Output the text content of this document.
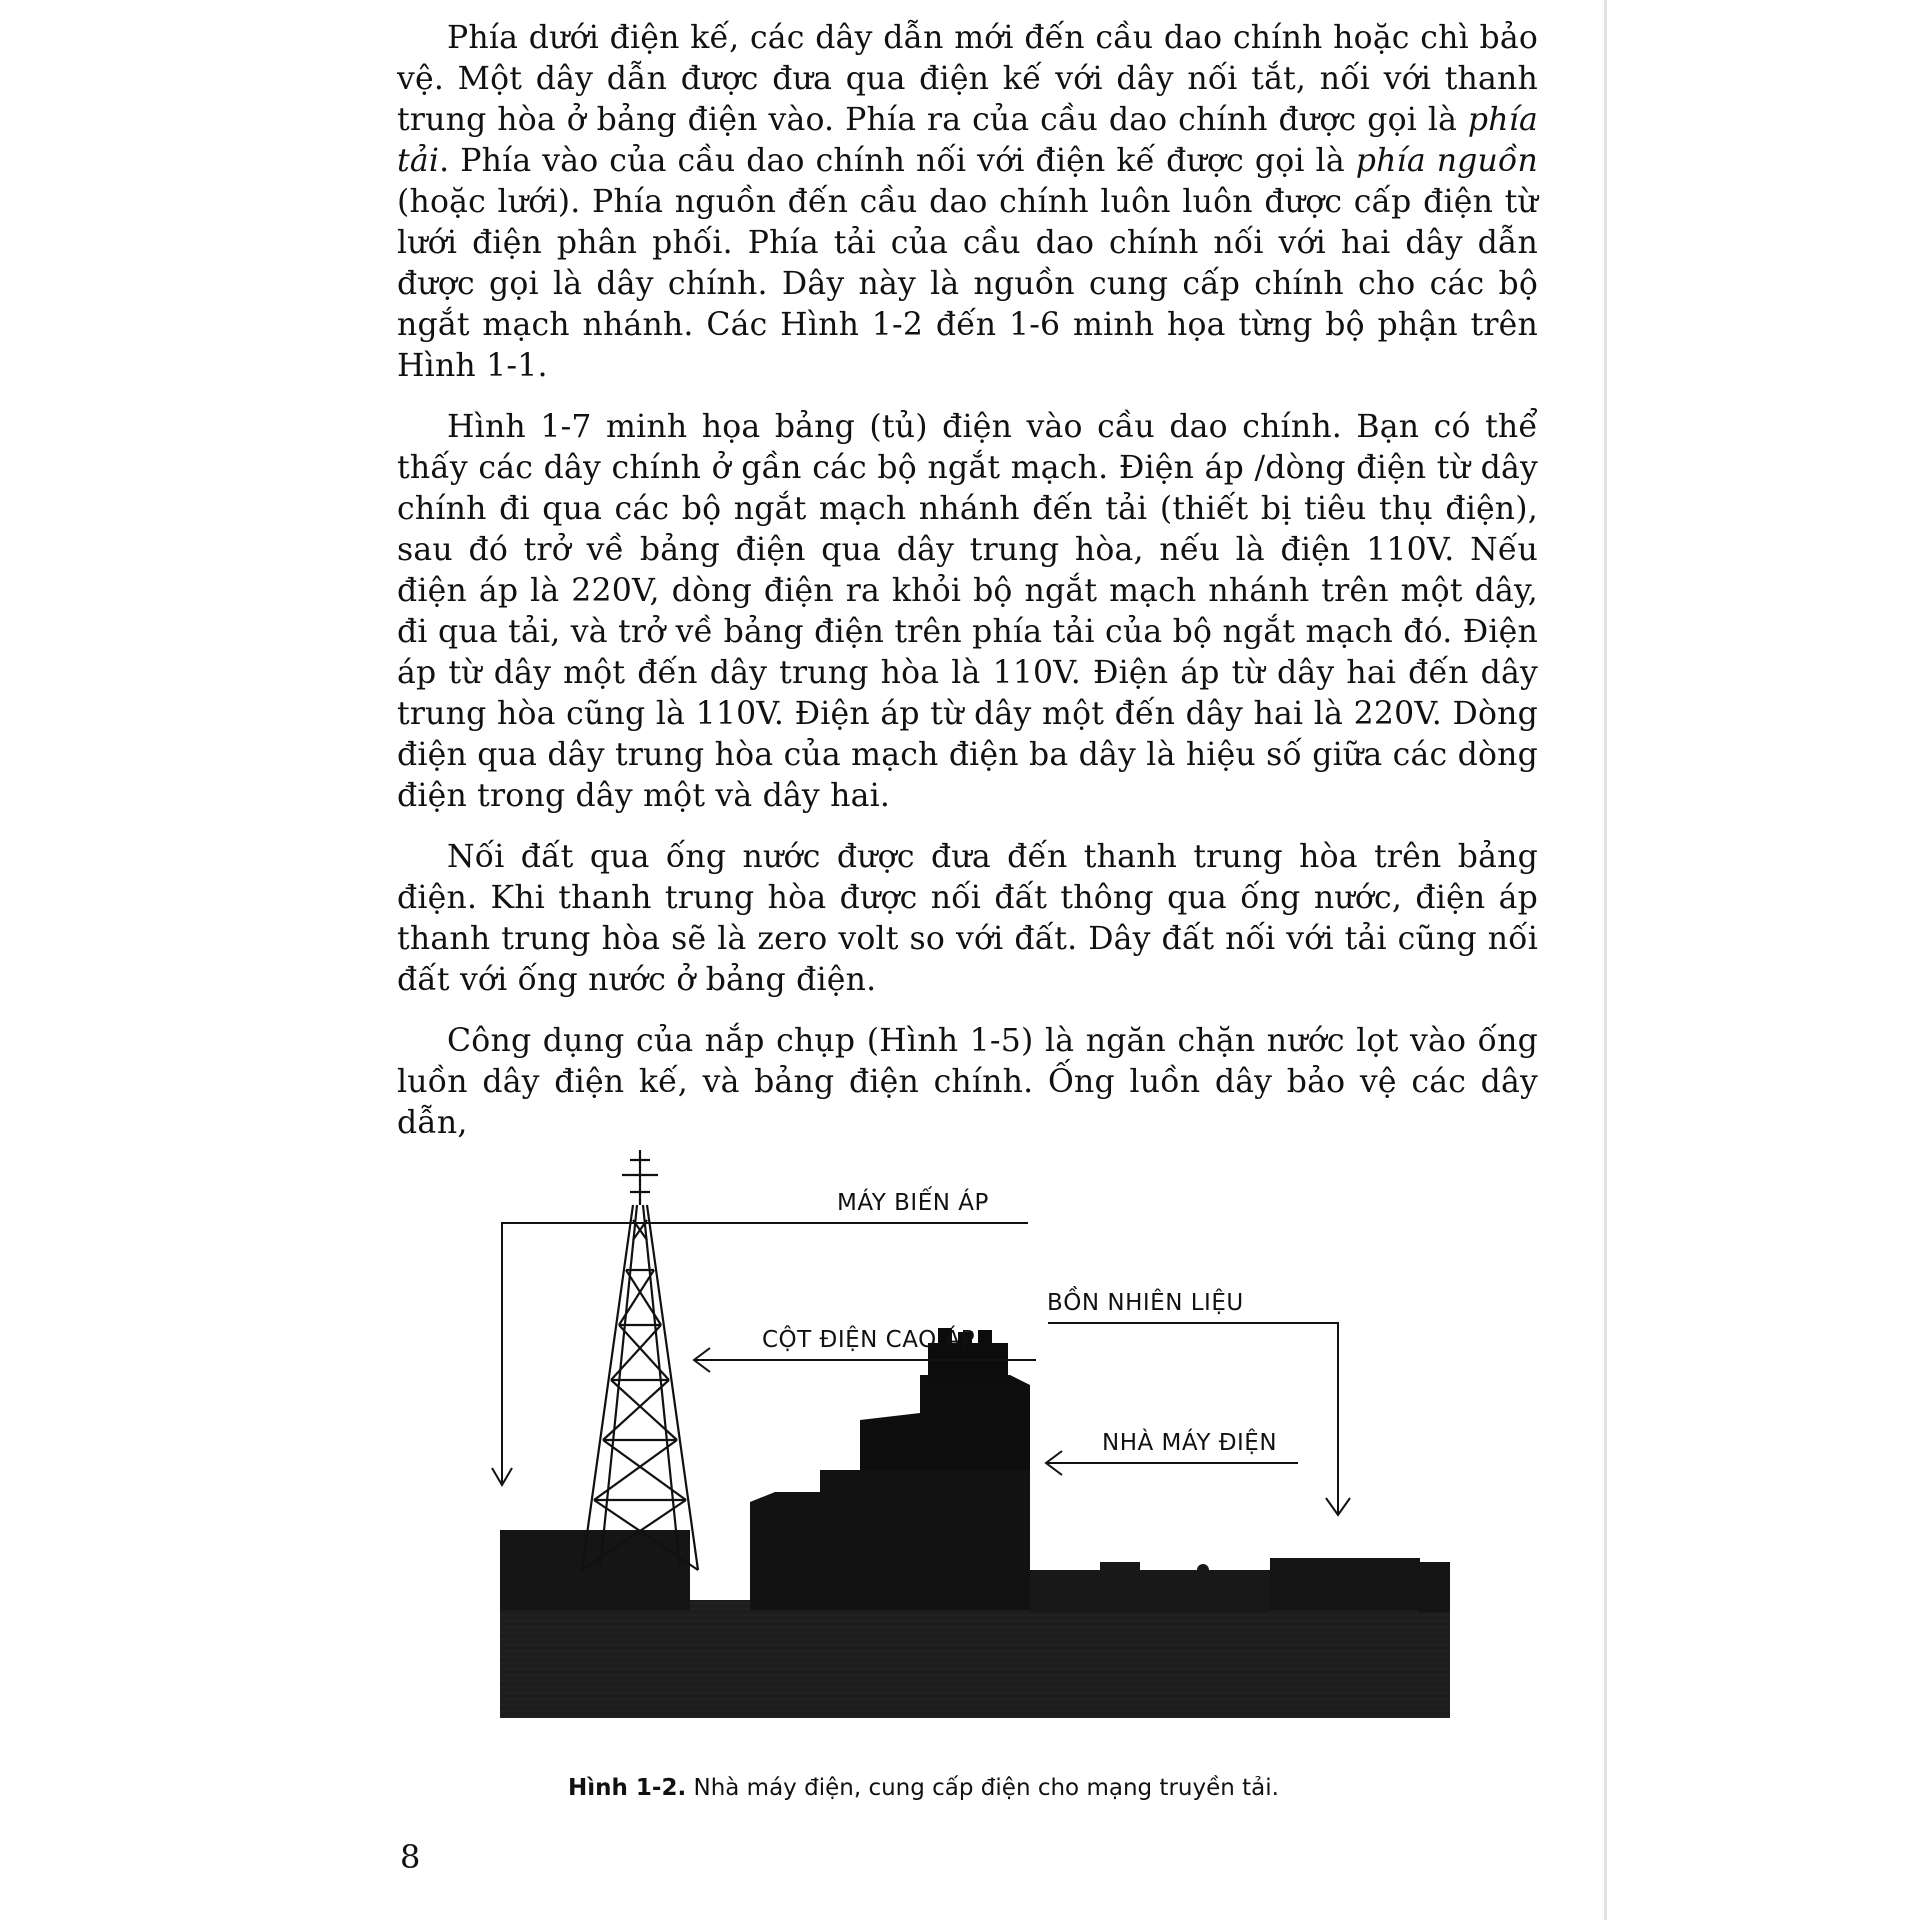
Phía dưới điện kế, các dây dẫn mới đến cầu dao chính hoặc chì bảo vệ. Một dây dẫn được đưa qua điện kế với dây nối tắt, nối với thanh trung hòa ở bảng điện vào. Phía ra của cầu dao chính được gọi là phía tải. Phía vào của cầu dao chính nối với điện kế được gọi là phía nguồn (hoặc lưới). Phía nguồn đến cầu dao chính luôn luôn được cấp điện từ lưới điện phân phối. Phía tải của cầu dao chính nối với hai dây dẫn được gọi là dây chính. Dây này là nguồn cung cấp chính cho các bộ ngắt mạch nhánh. Các Hình 1-2 đến 1-6 minh họa từng bộ phận trên Hình 1-1.

Hình 1-7 minh họa bảng (tủ) điện vào cầu dao chính. Bạn có thể thấy các dây chính ở gần các bộ ngắt mạch. Điện áp /dòng điện từ dây chính đi qua các bộ ngắt mạch nhánh đến tải (thiết bị tiêu thụ điện), sau đó trở về bảng điện qua dây trung hòa, nếu là điện 110V. Nếu điện áp là 220V, dòng điện ra khỏi bộ ngắt mạch nhánh trên một dây, đi qua tải, và trở về bảng điện trên phía tải của bộ ngắt mạch đó. Điện áp từ dây một đến dây trung hòa là 110V. Điện áp từ dây hai đến dây trung hòa cũng là 110V. Điện áp từ dây một đến dây hai là 220V. Dòng điện qua dây trung hòa của mạch điện ba dây là hiệu số giữa các dòng điện trong dây một và dây hai.

Nối đất qua ống nước được đưa đến thanh trung hòa trên bảng điện. Khi thanh trung hòa được nối đất thông qua ống nước, điện áp thanh trung hòa sẽ là zero volt so với đất. Dây đất nối với tải cũng nối đất với ống nước ở bảng điện.

Công dụng của nắp chụp (Hình 1-5) là ngăn chặn nước lọt vào ống luồn dây điện kế, và bảng điện chính. Ống luồn dây bảo vệ các dây dẫn,

MÁY BIẾN ÁP
BỒN NHIÊN LIỆU
CỘT ĐIỆN CAO ÁP
NHÀ MÁY ĐIỆN
Hình 1-2. Nhà máy điện, cung cấp điện cho mạng truyền tải.
8
